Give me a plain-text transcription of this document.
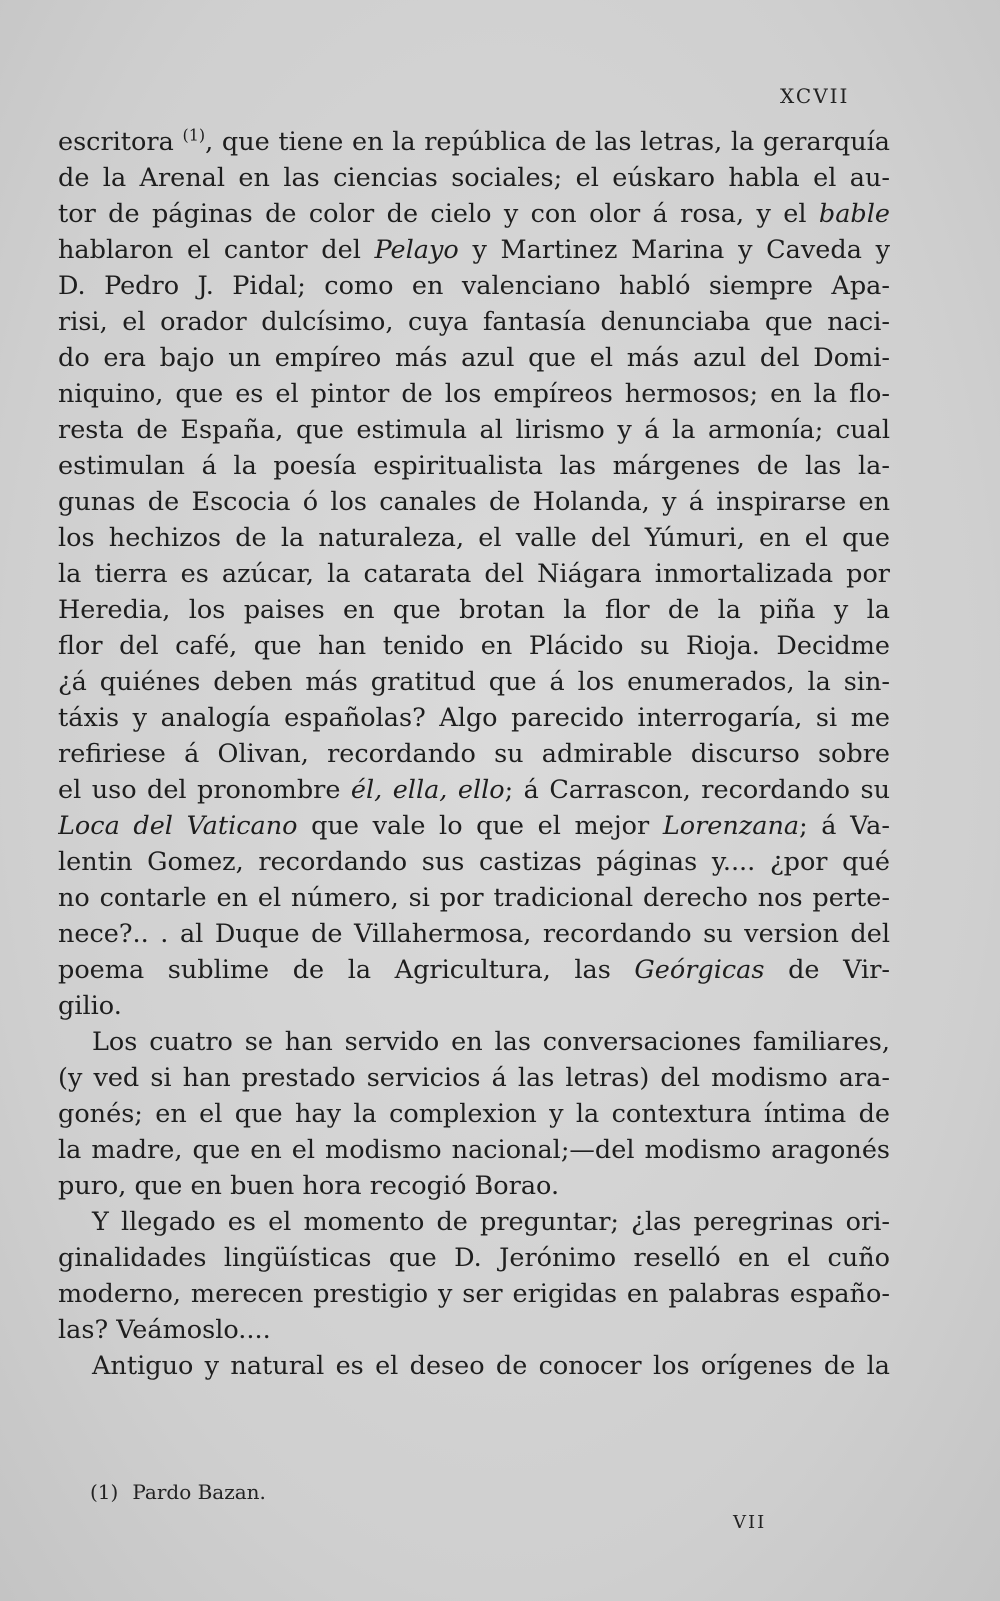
XCVII
escritora $^{(1)}$, que tiene en la república de las letras, la gerarquía
de la Arenal en las ciencias sociales; el eúskaro habla el au-
tor de páginas de color de cielo y con olor á rosa, y el bable
hablaron el cantor del Pelayo y Martinez Marina y Caveda y
D. Pedro J. Pidal; como en valenciano habló siempre Apa-
risi, el orador dulcísimo, cuya fantasía denunciaba que naci-
do era bajo un empíreo más azul que el más azul del Domi-
niquino, que es el pintor de los empíreos hermosos; en la flo-
resta de España, que estimula al lirismo y á la armonía; cual
estimulan á la poesía espiritualista las márgenes de las la-
gunas de Escocia ó los canales de Holanda, y á inspirarse en
los hechizos de la naturaleza, el valle del Yúmuri, en el que
la tierra es azúcar, la catarata del Niágara inmortalizada por
Heredia, los paises en que brotan la flor de la piña y la
flor del café, que han tenido en Plácido su Rioja. Decidme
¿á quiénes deben más gratitud que á los enumerados, la sin-
táxis y analogía españolas? Algo parecido interrogaría, si me
refiriese á Olivan, recordando su admirable discurso sobre
el uso del pronombre él, ella, ello; á Carrascon, recordando su
Loca del Vaticano que vale lo que el mejor Lorenzana; á Va-
lentin Gomez, recordando sus castizas páginas y.... ¿por qué
no contarle en el número, si por tradicional derecho nos perte-
nece?.. . al Duque de Villahermosa, recordando su version del
poema sublime de la Agricultura, las Geórgicas de Vir-
gilio.
Los cuatro se han servido en las conversaciones familiares,
(y ved si han prestado servicios á las letras) del modismo ara-
gonés; en el que hay la complexion y la contextura íntima de
la madre, que en el modismo nacional;—del modismo aragonés
puro, que en buen hora recogió Borao.
Y llegado es el momento de preguntar; ¿las peregrinas ori-
ginalidades lingüísticas que D. Jerónimo reselló en el cuño
moderno, merecen prestigio y ser erigidas en palabras españo-
las? Veámoslo....
Antiguo y natural es el deseo de conocer los orígenes de la
(1) Pardo Bazan.
VII
